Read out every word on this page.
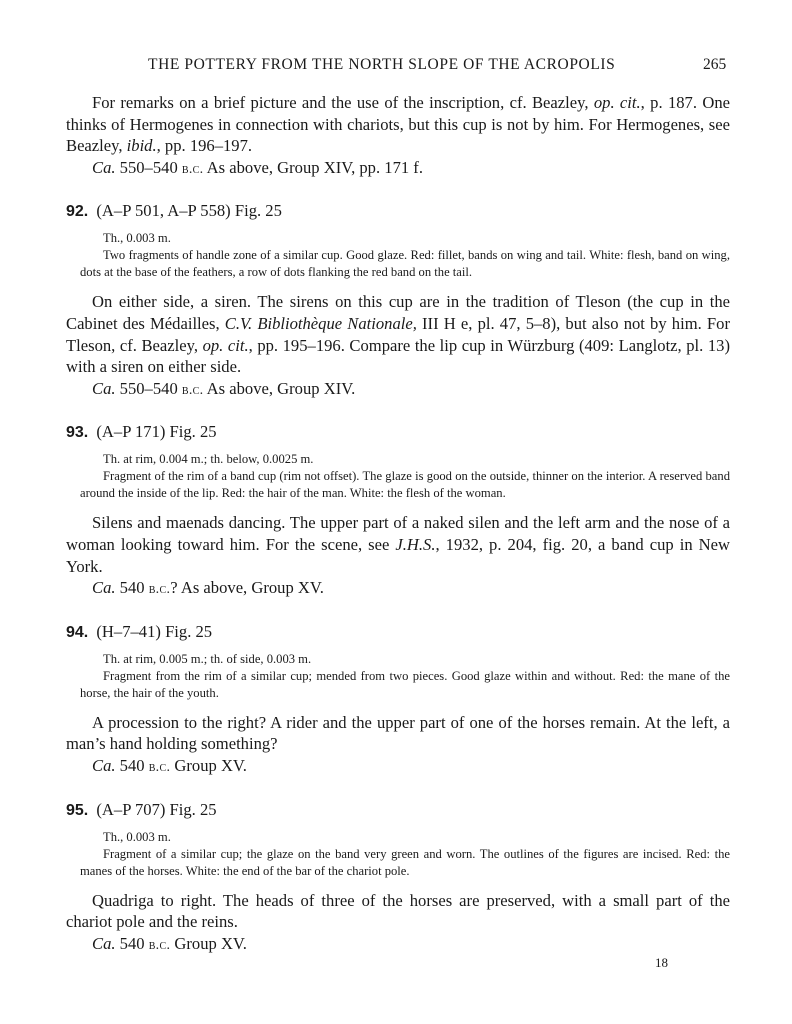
THE POTTERY FROM THE NORTH SLOPE OF THE ACROPOLIS	265

For remarks on a brief picture and the use of the inscription, cf. Beazley, op. cit., p. 187. One thinks of Hermogenes in connection with chariots, but this cup is not by him. For Hermogenes, see Beazley, ibid., pp. 196–197.

Ca. 550–540 b.c. As above, Group XIV, pp. 171 f.

92. (A–P 501, A–P 558) Fig. 25

Th., 0.003 m.
Two fragments of handle zone of a similar cup. Good glaze. Red: fillet, bands on wing and tail. White: flesh, band on wing, dots at the base of the feathers, a row of dots flanking the red band on the tail.

On either side, a siren. The sirens on this cup are in the tradition of Tleson (the cup in the Cabinet des Médailles, C.V. Bibliothèque Nationale, III H e, pl. 47, 5–8), but also not by him. For Tleson, cf. Beazley, op. cit., pp. 195–196. Compare the lip cup in Würzburg (409: Langlotz, pl. 13) with a siren on either side.

Ca. 550–540 b.c. As above, Group XIV.

93. (A–P 171) Fig. 25

Th. at rim, 0.004 m.; th. below, 0.0025 m.
Fragment of the rim of a band cup (rim not offset). The glaze is good on the outside, thinner on the interior. A reserved band around the inside of the lip. Red: the hair of the man. White: the flesh of the woman.

Silens and maenads dancing. The upper part of a naked silen and the left arm and the nose of a woman looking toward him. For the scene, see J.H.S., 1932, p. 204, fig. 20, a band cup in New York.

Ca. 540 b.c.? As above, Group XV.

94. (H–7–41) Fig. 25

Th. at rim, 0.005 m.; th. of side, 0.003 m.
Fragment from the rim of a similar cup; mended from two pieces. Good glaze within and without. Red: the mane of the horse, the hair of the youth.

A procession to the right? A rider and the upper part of one of the horses remain. At the left, a man’s hand holding something?

Ca. 540 b.c. Group XV.

95. (A–P 707) Fig. 25

Th., 0.003 m.
Fragment of a similar cup; the glaze on the band very green and worn. The outlines of the figures are incised. Red: the manes of the horses. White: the end of the bar of the chariot pole.

Quadriga to right. The heads of three of the horses are preserved, with a small part of the chariot pole and the reins.

Ca. 540 b.c. Group XV.

18
